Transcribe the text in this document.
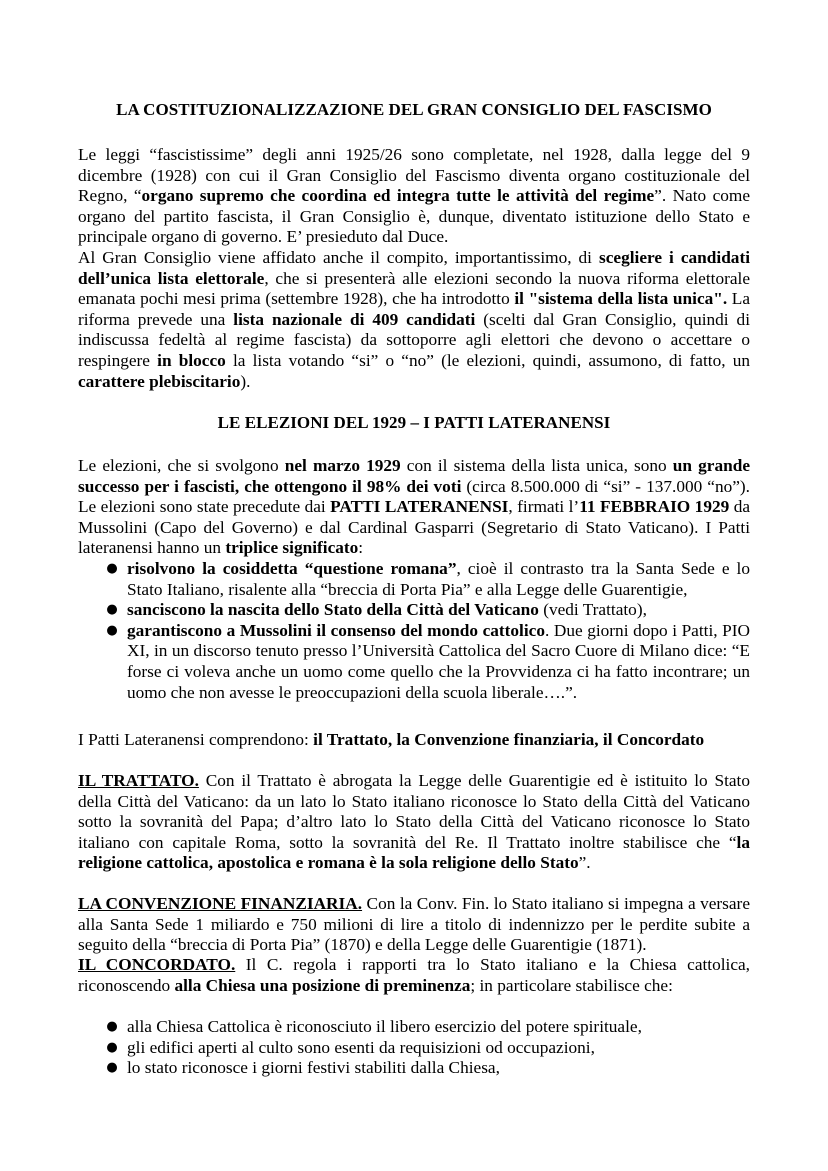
LA COSTITUZIONALIZZAZIONE DEL GRAN CONSIGLIO DEL FASCISMO
Le leggi “fascistissime” degli anni 1925/26 sono completate, nel 1928, dalla legge del 9 dicembre (1928) con cui il Gran Consiglio del Fascismo diventa organo costituzionale del Regno, “organo supremo che coordina ed integra tutte le attività del regime”. Nato come organo del partito fascista, il Gran Consiglio è, dunque, diventato istituzione dello Stato e principale organo di governo. E’ presieduto dal Duce.
Al Gran Consiglio viene affidato anche il compito, importantissimo, di scegliere i candidati dell’unica lista elettorale, che si presenterà alle elezioni secondo la nuova riforma elettorale emanata pochi mesi prima (settembre 1928), che ha introdotto il "sistema della lista unica". La riforma prevede una lista nazionale di 409 candidati (scelti dal Gran Consiglio, quindi di indiscussa fedeltà al regime fascista) da sottoporre agli elettori che devono o accettare o respingere in blocco la lista votando “si” o “no” (le elezioni, quindi, assumono, di fatto, un carattere plebiscitario).
LE ELEZIONI DEL 1929 – I PATTI LATERANENSI
Le elezioni, che si svolgono nel marzo 1929 con il sistema della lista unica, sono un grande successo per i fascisti, che ottengono il 98% dei voti (circa 8.500.000 di “si” - 137.000 “no”). Le elezioni sono state precedute dai PATTI LATERANENSI, firmati l’11 FEBBRAIO 1929 da Mussolini (Capo del Governo) e dal Cardinal Gasparri (Segretario di Stato Vaticano). I Patti lateranensi hanno un triplice significato:
● risolvono la cosiddetta “questione romana”, cioè il contrasto tra la Santa Sede e lo Stato Italiano, risalente alla “breccia di Porta Pia” e alla Legge delle Guarentigie,
● sanciscono la nascita dello Stato della Città del Vaticano (vedi Trattato),
● garantiscono a Mussolini il consenso del mondo cattolico. Due giorni dopo i Patti, PIO XI, in un discorso tenuto presso l’Università Cattolica del Sacro Cuore di Milano dice: “E forse ci voleva anche un uomo come quello che la Provvidenza ci ha fatto incontrare; un uomo che non avesse le preoccupazioni della scuola liberale….”.
I Patti Lateranensi comprendono: il Trattato, la Convenzione finanziaria, il Concordato
IL TRATTATO. Con il Trattato è abrogata la Legge delle Guarentigie ed è istituito lo Stato della Città del Vaticano: da un lato lo Stato italiano riconosce lo Stato della Città del Vaticano sotto la sovranità del Papa; d’altro lato lo Stato della Città del Vaticano riconosce lo Stato italiano con capitale Roma, sotto la sovranità del Re. Il Trattato inoltre stabilisce che “la religione cattolica, apostolica e romana è la sola religione dello Stato”.
LA CONVENZIONE FINANZIARIA. Con la Conv. Fin. lo Stato italiano si impegna a versare alla Santa Sede 1 miliardo e 750 milioni di lire a titolo di indennizzo per le perdite subite a seguito della “breccia di Porta Pia” (1870) e della Legge delle Guarentigie (1871).
IL CONCORDATO. Il C. regola i rapporti tra lo Stato italiano e la Chiesa cattolica, riconoscendo alla Chiesa una posizione di preminenza; in particolare stabilisce che:
● alla Chiesa Cattolica è riconosciuto il libero esercizio del potere spirituale,
● gli edifici aperti al culto sono esenti da requisizioni od occupazioni,
● lo stato riconosce i giorni festivi stabiliti dalla Chiesa,
